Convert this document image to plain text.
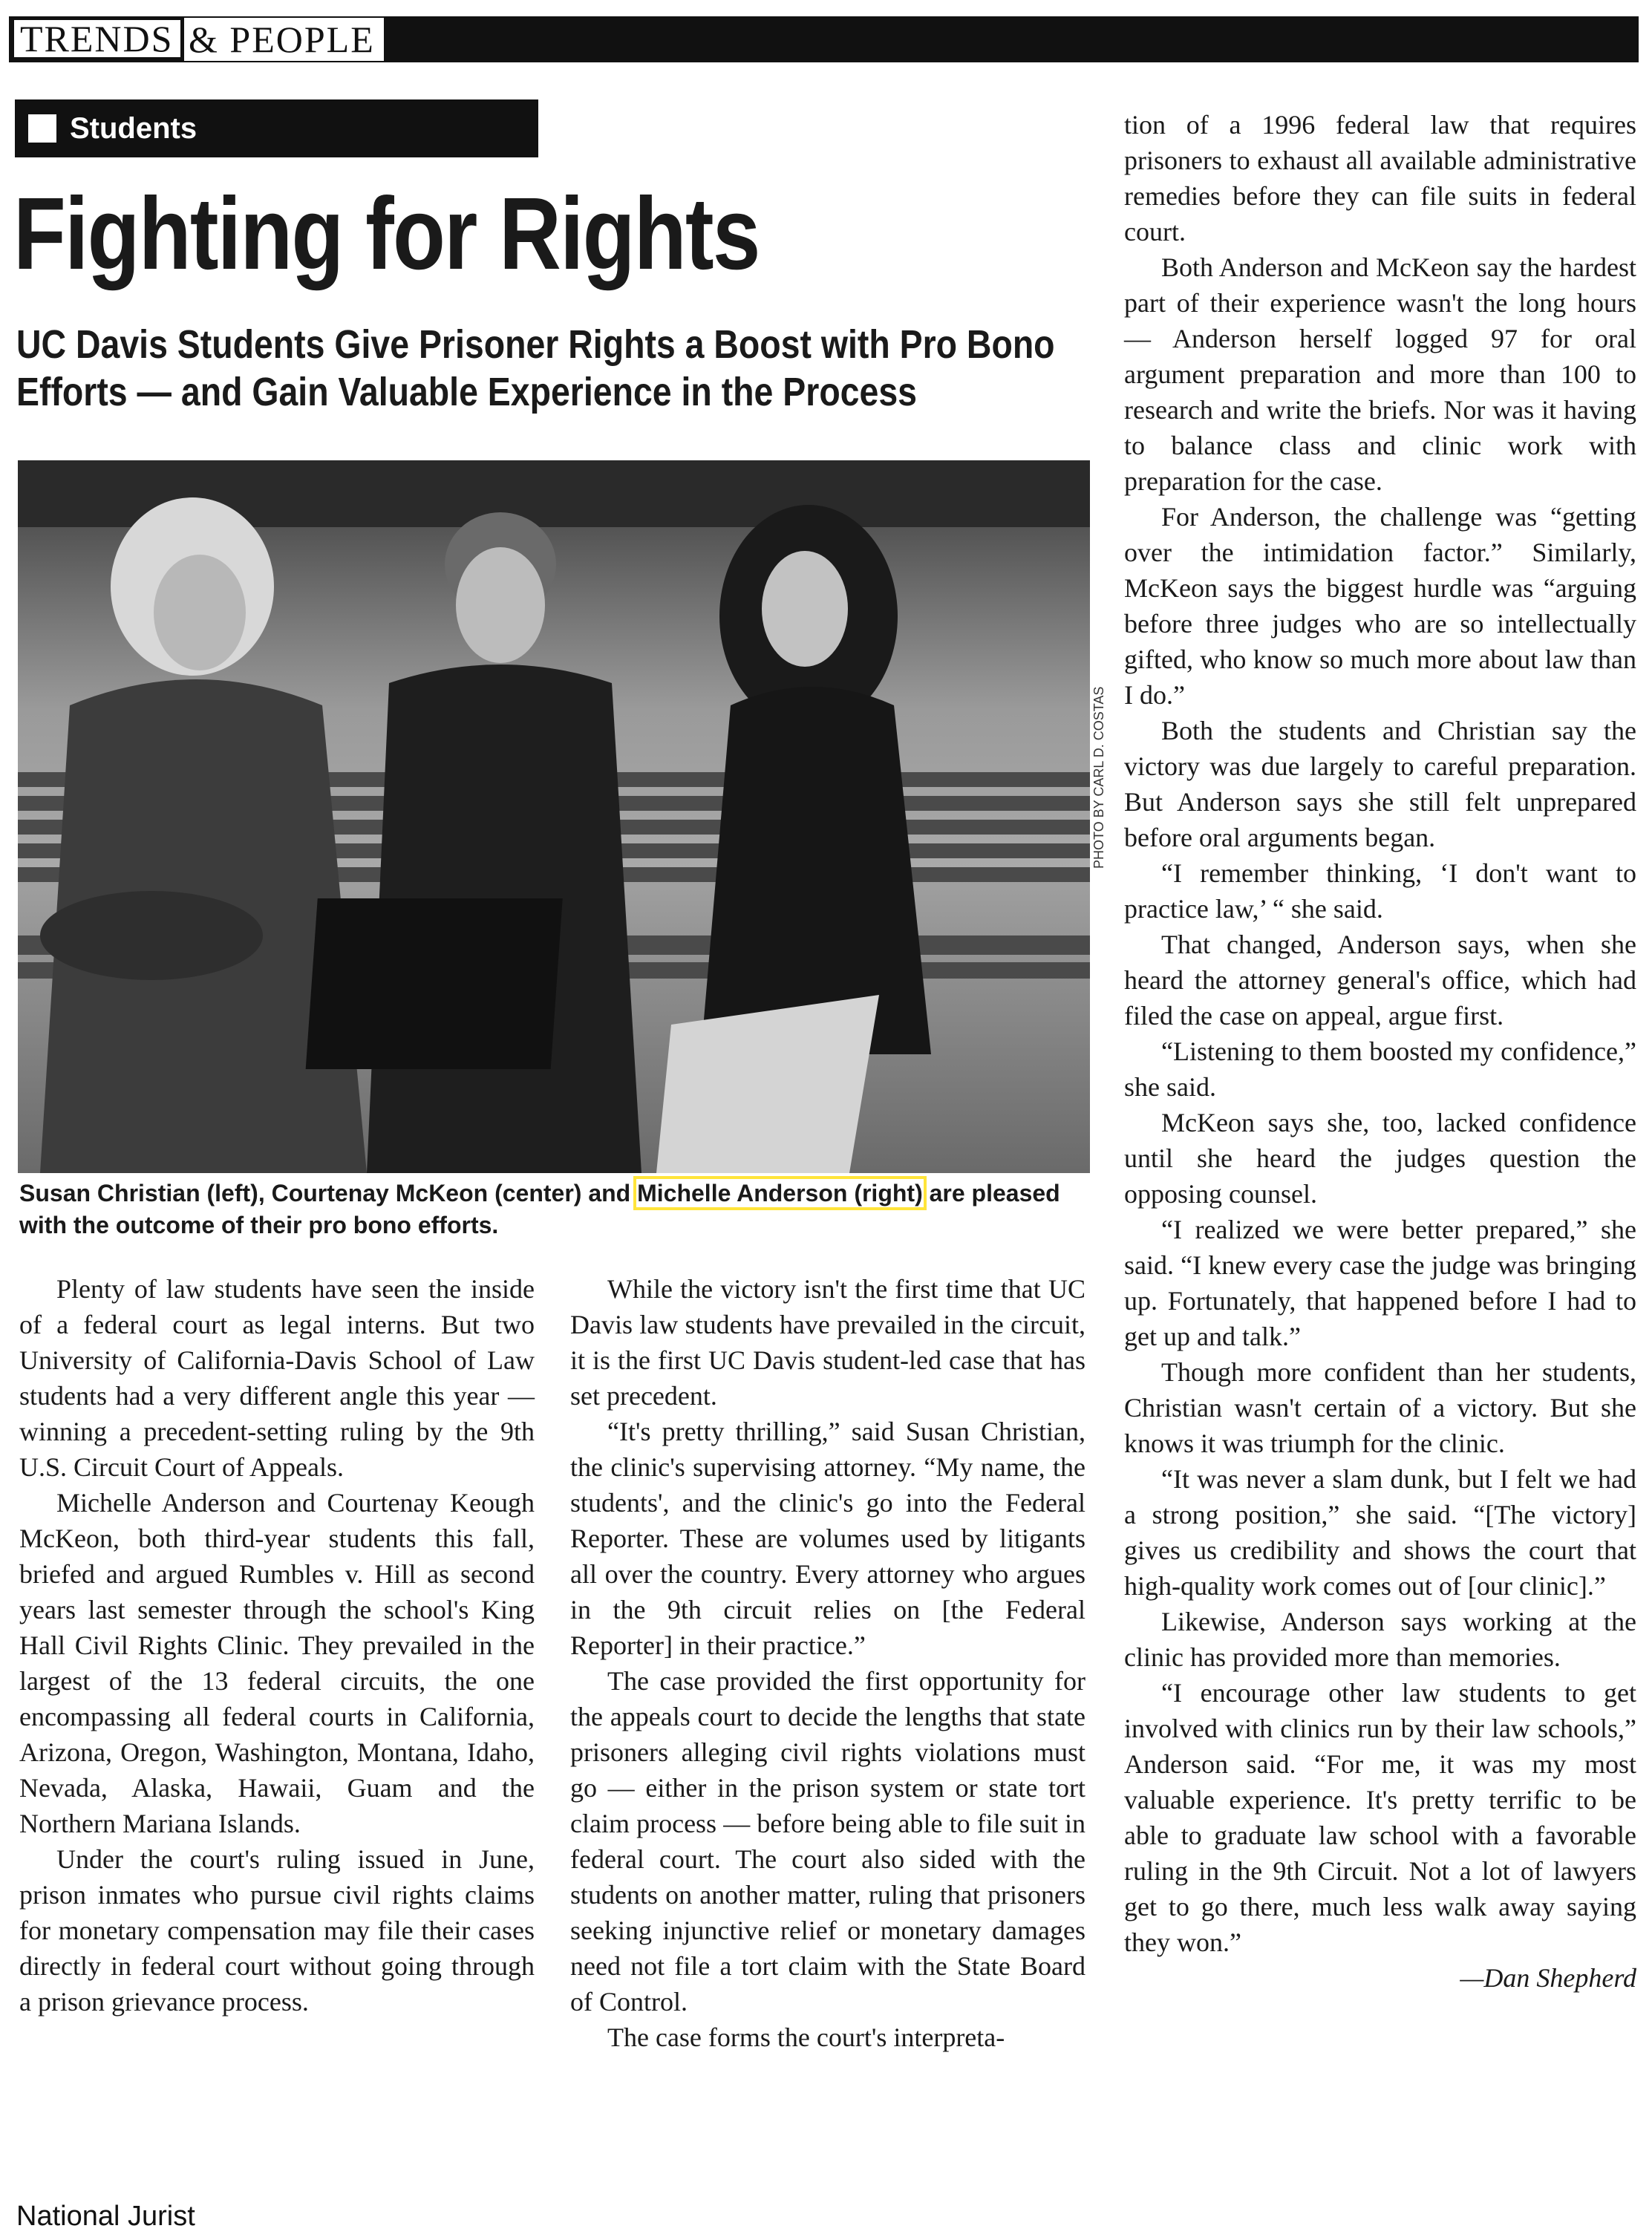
TRENDS & PEOPLE
Students
Fighting for Rights
UC Davis Students Give Prisoner Rights a Boost with Pro Bono Efforts — and Gain Valuable Experience in the Process
PHOTO BY CARL D. COSTAS
Susan Christian (left), Courtenay McKeon (center) and Michelle Anderson (right) are pleased with the outcome of their pro bono efforts.

Plenty of law students have seen the inside of a federal court as legal interns. But two University of California-Davis School of Law students had a very different angle this year — winning a precedent-setting ruling by the 9th U.S. Circuit Court of Appeals.

Michelle Anderson and Courtenay Keough McKeon, both third-year students this fall, briefed and argued Rumbles v. Hill as second years last semester through the school's King Hall Civil Rights Clinic. They prevailed in the largest of the 13 federal circuits, the one encompassing all federal courts in California, Arizona, Oregon, Washington, Montana, Idaho, Nevada, Alaska, Hawaii, Guam and the Northern Mariana Islands.

Under the court's ruling issued in June, prison inmates who pursue civil rights claims for monetary compensation may file their cases directly in federal court without going through a prison grievance process.

While the victory isn't the first time that UC Davis law students have prevailed in the circuit, it is the first UC Davis student-led case that has set precedent.

“It's pretty thrilling,” said Susan Christian, the clinic's supervising attorney. “My name, the students', and the clinic's go into the Federal Reporter. These are volumes used by litigants all over the country. Every attorney who argues in the 9th circuit relies on [the Federal Reporter] in their practice.”

The case provided the first opportunity for the appeals court to decide the lengths that state prisoners alleging civil rights violations must go — either in the prison system or state tort claim process — before being able to file suit in federal court. The court also sided with the students on another matter, ruling that prisoners seeking injunctive relief or monetary damages need not file a tort claim with the State Board of Control.

The case forms the court's interpreta-

tion of a 1996 federal law that requires prisoners to exhaust all available administrative remedies before they can file suits in federal court.

Both Anderson and McKeon say the hardest part of their experience wasn't the long hours — Anderson herself logged 97 for oral argument preparation and more than 100 to research and write the briefs. Nor was it having to balance class and clinic work with preparation for the case.

For Anderson, the challenge was “getting over the intimidation factor.” Similarly, McKeon says the biggest hurdle was “arguing before three judges who are so intellectually gifted, who know so much more about law than I do.”

Both the students and Christian say the victory was due largely to careful preparation. But Anderson says she still felt unprepared before oral arguments began.

“I remember thinking, ‘I don't want to practice law,’ “ she said.

That changed, Anderson says, when she heard the attorney general's office, which had filed the case on appeal, argue first.

“Listening to them boosted my confidence,” she said.

McKeon says she, too, lacked confidence until she heard the judges question the opposing counsel.

“I realized we were better prepared,” she said. “I knew every case the judge was bringing up. Fortunately, that happened before I had to get up and talk.”

Though more confident than her students, Christian wasn't certain of a victory. But she knows it was triumph for the clinic.

“It was never a slam dunk, but I felt we had a strong position,” she said. “[The victory] gives us credibility and shows the court that high-quality work comes out of [our clinic].”

Likewise, Anderson says working at the clinic has provided more than memories.

“I encourage other law students to get involved with clinics run by their law schools,” Anderson said. “For me, it was my most valuable experience. It's pretty terrific to be able to graduate law school with a favorable ruling in the 9th Circuit. Not a lot of lawyers get to go there, much less walk away saying they won.”

—Dan Shepherd

National Jurist
